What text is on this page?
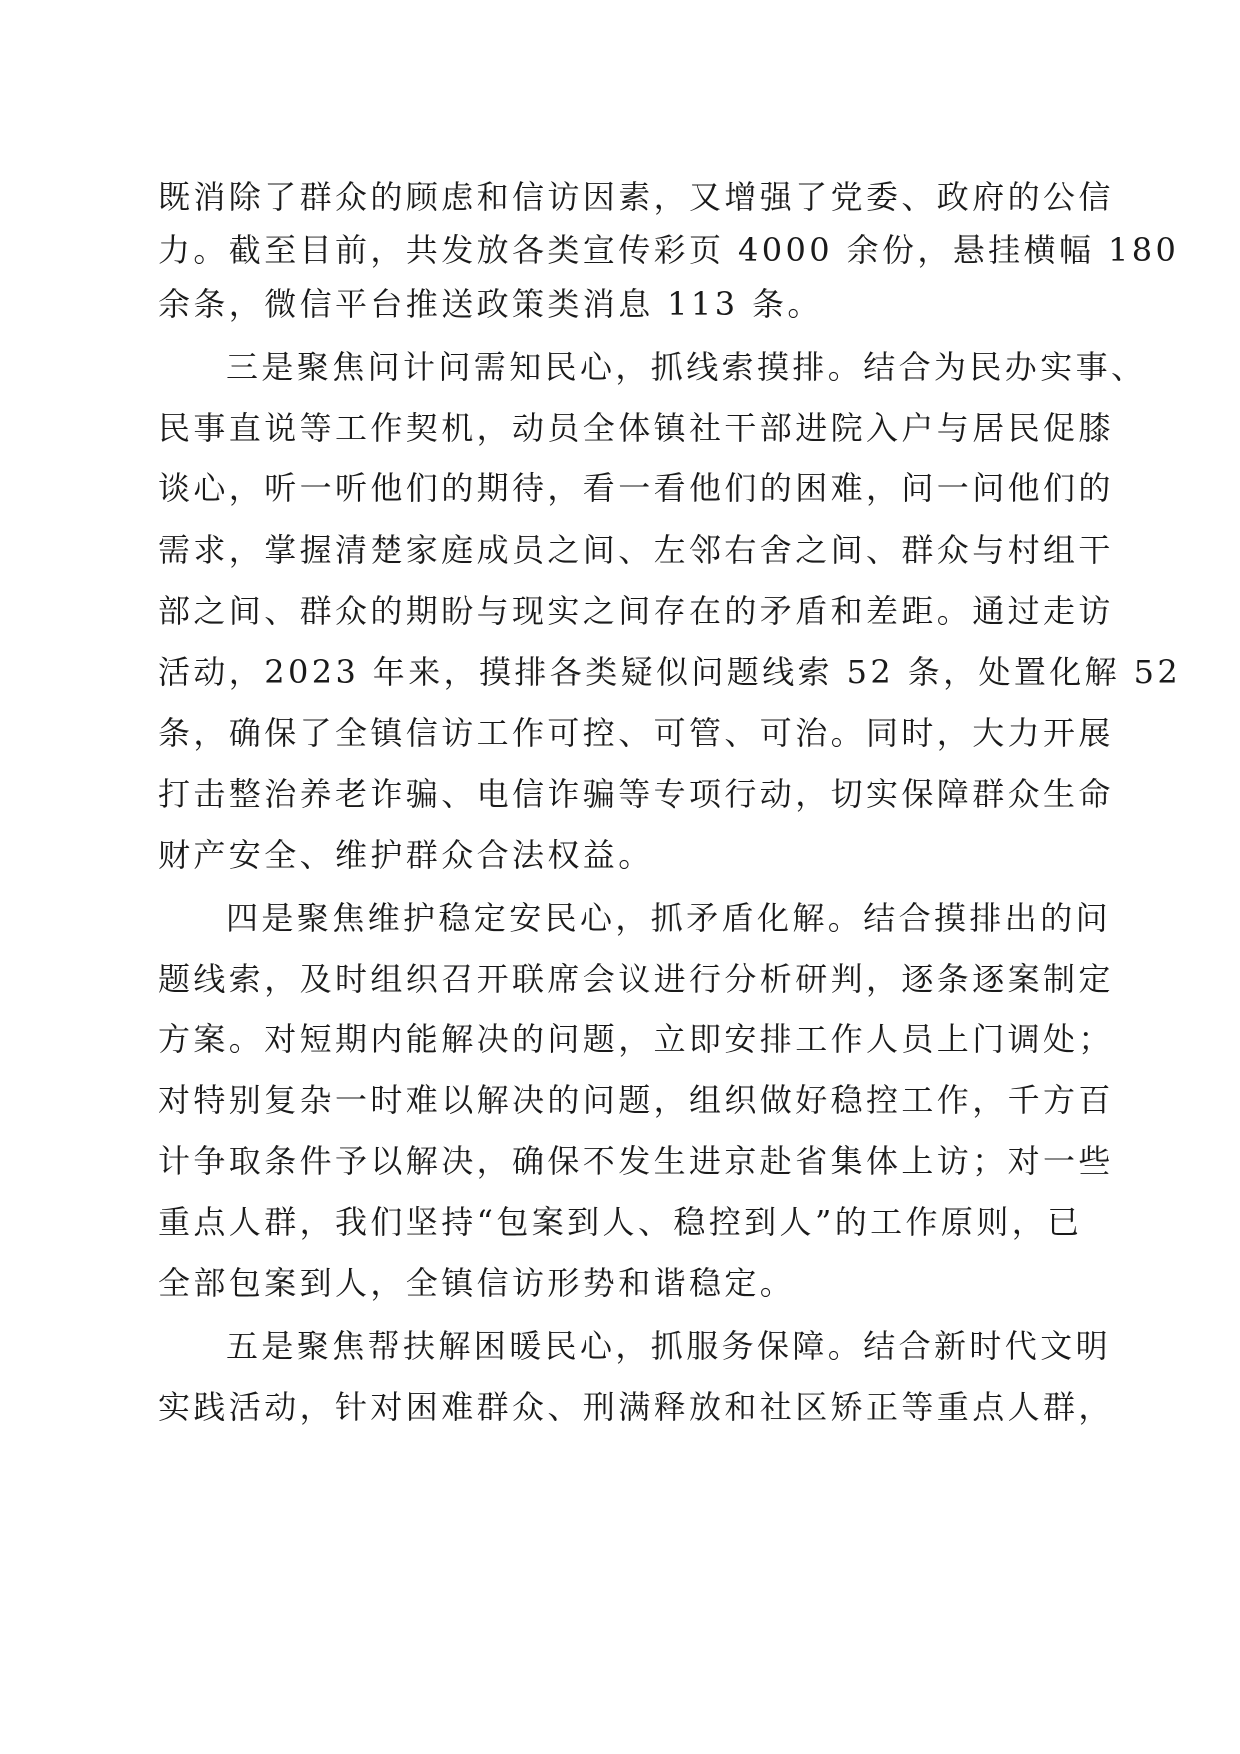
既消除了群众的顾虑和信访因素，又增强了党委、政府的公信
力。截至目前，共发放各类宣传彩页 4000 余份，悬挂横幅 180
余条，微信平台推送政策类消息 113 条。
三是聚焦问计问需知民心，抓线索摸排。结合为民办实事、
民事直说等工作契机，动员全体镇社干部进院入户与居民促膝
谈心，听一听他们的期待，看一看他们的困难，问一问他们的
需求，掌握清楚家庭成员之间、左邻右舍之间、群众与村组干
部之间、群众的期盼与现实之间存在的矛盾和差距。通过走访
活动，2023 年来，摸排各类疑似问题线索 52 条，处置化解 52
条，确保了全镇信访工作可控、可管、可治。同时，大力开展
打击整治养老诈骗、电信诈骗等专项行动，切实保障群众生命
财产安全、维护群众合法权益。
四是聚焦维护稳定安民心，抓矛盾化解。结合摸排出的问
题线索，及时组织召开联席会议进行分析研判，逐条逐案制定
方案。对短期内能解决的问题，立即安排工作人员上门调处；
对特别复杂一时难以解决的问题，组织做好稳控工作，千方百
计争取条件予以解决，确保不发生进京赴省集体上访；对一些
重点人群，我们坚持“包案到人、稳控到人”的工作原则，已
全部包案到人，全镇信访形势和谐稳定。
五是聚焦帮扶解困暖民心，抓服务保障。结合新时代文明
实践活动，针对困难群众、刑满释放和社区矫正等重点人群，
